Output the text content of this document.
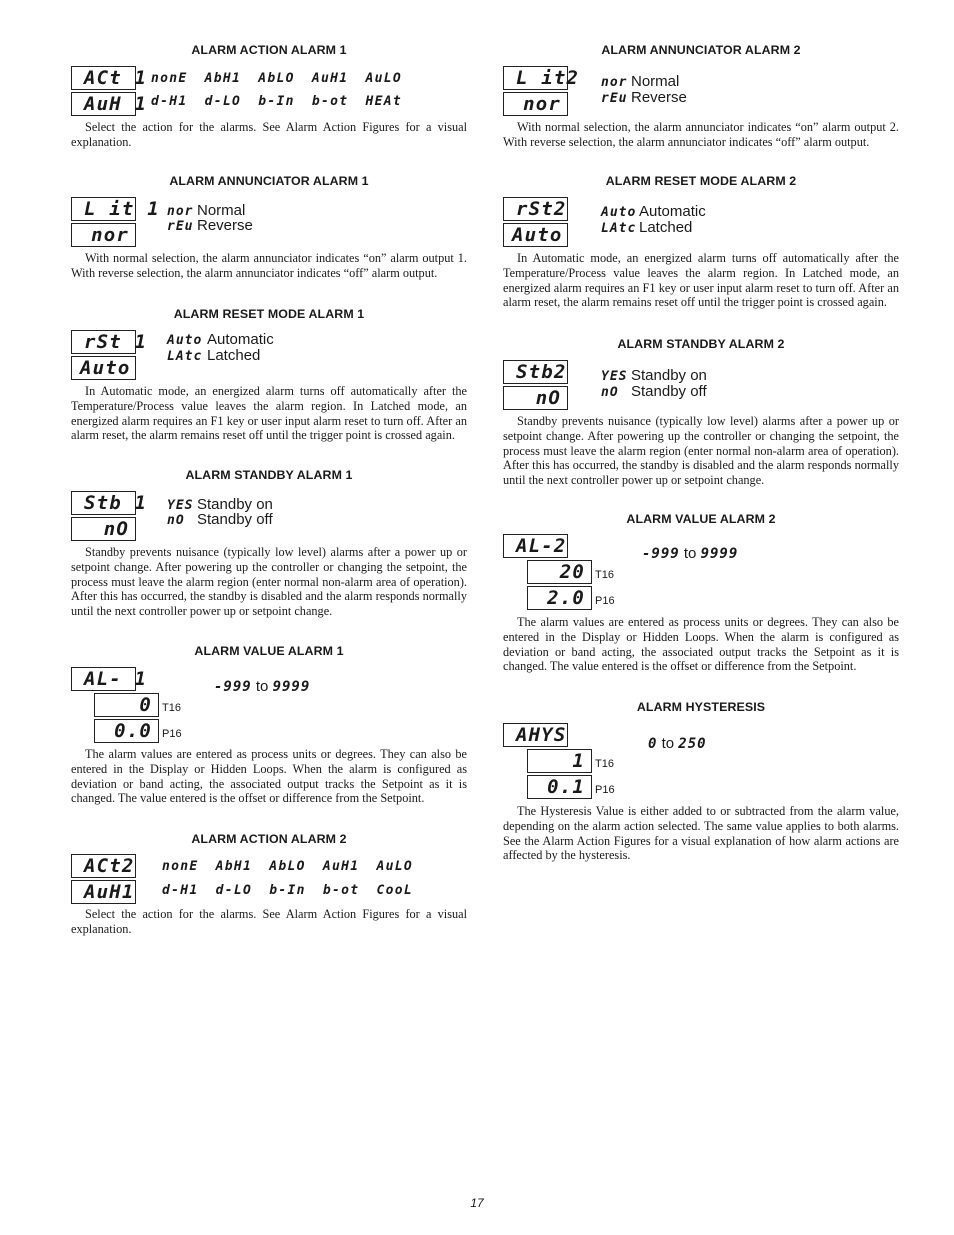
ALARM ACTION ALARM 1
ACt 1
AuH 1
nonE AbH1 AbLO AuH1 AuLO
d-H1 d-LO b-In b-ot HEAt

Select the action for the alarms. See Alarm Action Figures for a visual explanation.

ALARM ANNUNCIATOR ALARM 1
L it 1
nor
nor Normal
rEu Reverse

With normal selection, the alarm annunciator indicates “on” alarm output 1. With reverse selection, the alarm annunciator indicates “off” alarm output.

ALARM RESET MODE ALARM 1
rSt 1
Auto
Auto Automatic
LAtc Latched

In Automatic mode, an energized alarm turns off automatically after the Temperature/Process value leaves the alarm region. In Latched mode, an energized alarm requires an F1 key or user input alarm reset to turn off. After an alarm reset, the alarm remains reset off until the trigger point is crossed again.

ALARM STANDBY ALARM 1
Stb 1
nO
YES Standby on
nO Standby off

Standby prevents nuisance (typically low level) alarms after a power up or setpoint change. After powering up the controller or changing the setpoint, the process must leave the alarm region (enter normal non-alarm area of operation). After this has occurred, the standby is disabled and the alarm responds normally until the next controller power up or setpoint change.

ALARM VALUE ALARM 1
AL- 1	-999 to 9999
0 T16
0.0 P16

The alarm values are entered as process units or degrees. They can also be entered in the Display or Hidden Loops. When the alarm is configured as deviation or band acting, the associated output tracks the Setpoint as it is changed. The value entered is the offset or difference from the Setpoint.

ALARM ACTION ALARM 2
ACt2
AuH1
nonE AbH1 AbLO AuH1 AuLO
d-H1 d-LO b-In b-ot CooL

Select the action for the alarms. See Alarm Action Figures for a visual explanation.

ALARM ANNUNCIATOR ALARM 2
L it2
nor
nor Normal
rEu Reverse

With normal selection, the alarm annunciator indicates “on” alarm output 2. With reverse selection, the alarm annunciator indicates “off” alarm output.

ALARM RESET MODE ALARM 2
rSt2
Auto
Auto Automatic
LAtc Latched

In Automatic mode, an energized alarm turns off automatically after the Temperature/Process value leaves the alarm region. In Latched mode, an energized alarm requires an F1 key or user input alarm reset to turn off. After an alarm reset, the alarm remains reset off until the trigger point is crossed again.

ALARM STANDBY ALARM 2
Stb2
nO
YES Standby on
nO Standby off

Standby prevents nuisance (typically low level) alarms after a power up or setpoint change. After powering up the controller or changing the setpoint, the process must leave the alarm region (enter normal non-alarm area of operation). After this has occurred, the standby is disabled and the alarm responds normally until the next controller power up or setpoint change.

ALARM VALUE ALARM 2
AL-2	-999 to 9999
20 T16
2.0 P16

The alarm values are entered as process units or degrees. They can also be entered in the Display or Hidden Loops. When the alarm is configured as deviation or band acting, the associated output tracks the Setpoint as it is changed. The value entered is the offset or difference from the Setpoint.

ALARM HYSTERESIS
AHYS	0 to 250
1 T16
0.1 P16

The Hysteresis Value is either added to or subtracted from the alarm value, depending on the alarm action selected. The same value applies to both alarms. See the Alarm Action Figures for a visual explanation of how alarm actions are affected by the hysteresis.

17
